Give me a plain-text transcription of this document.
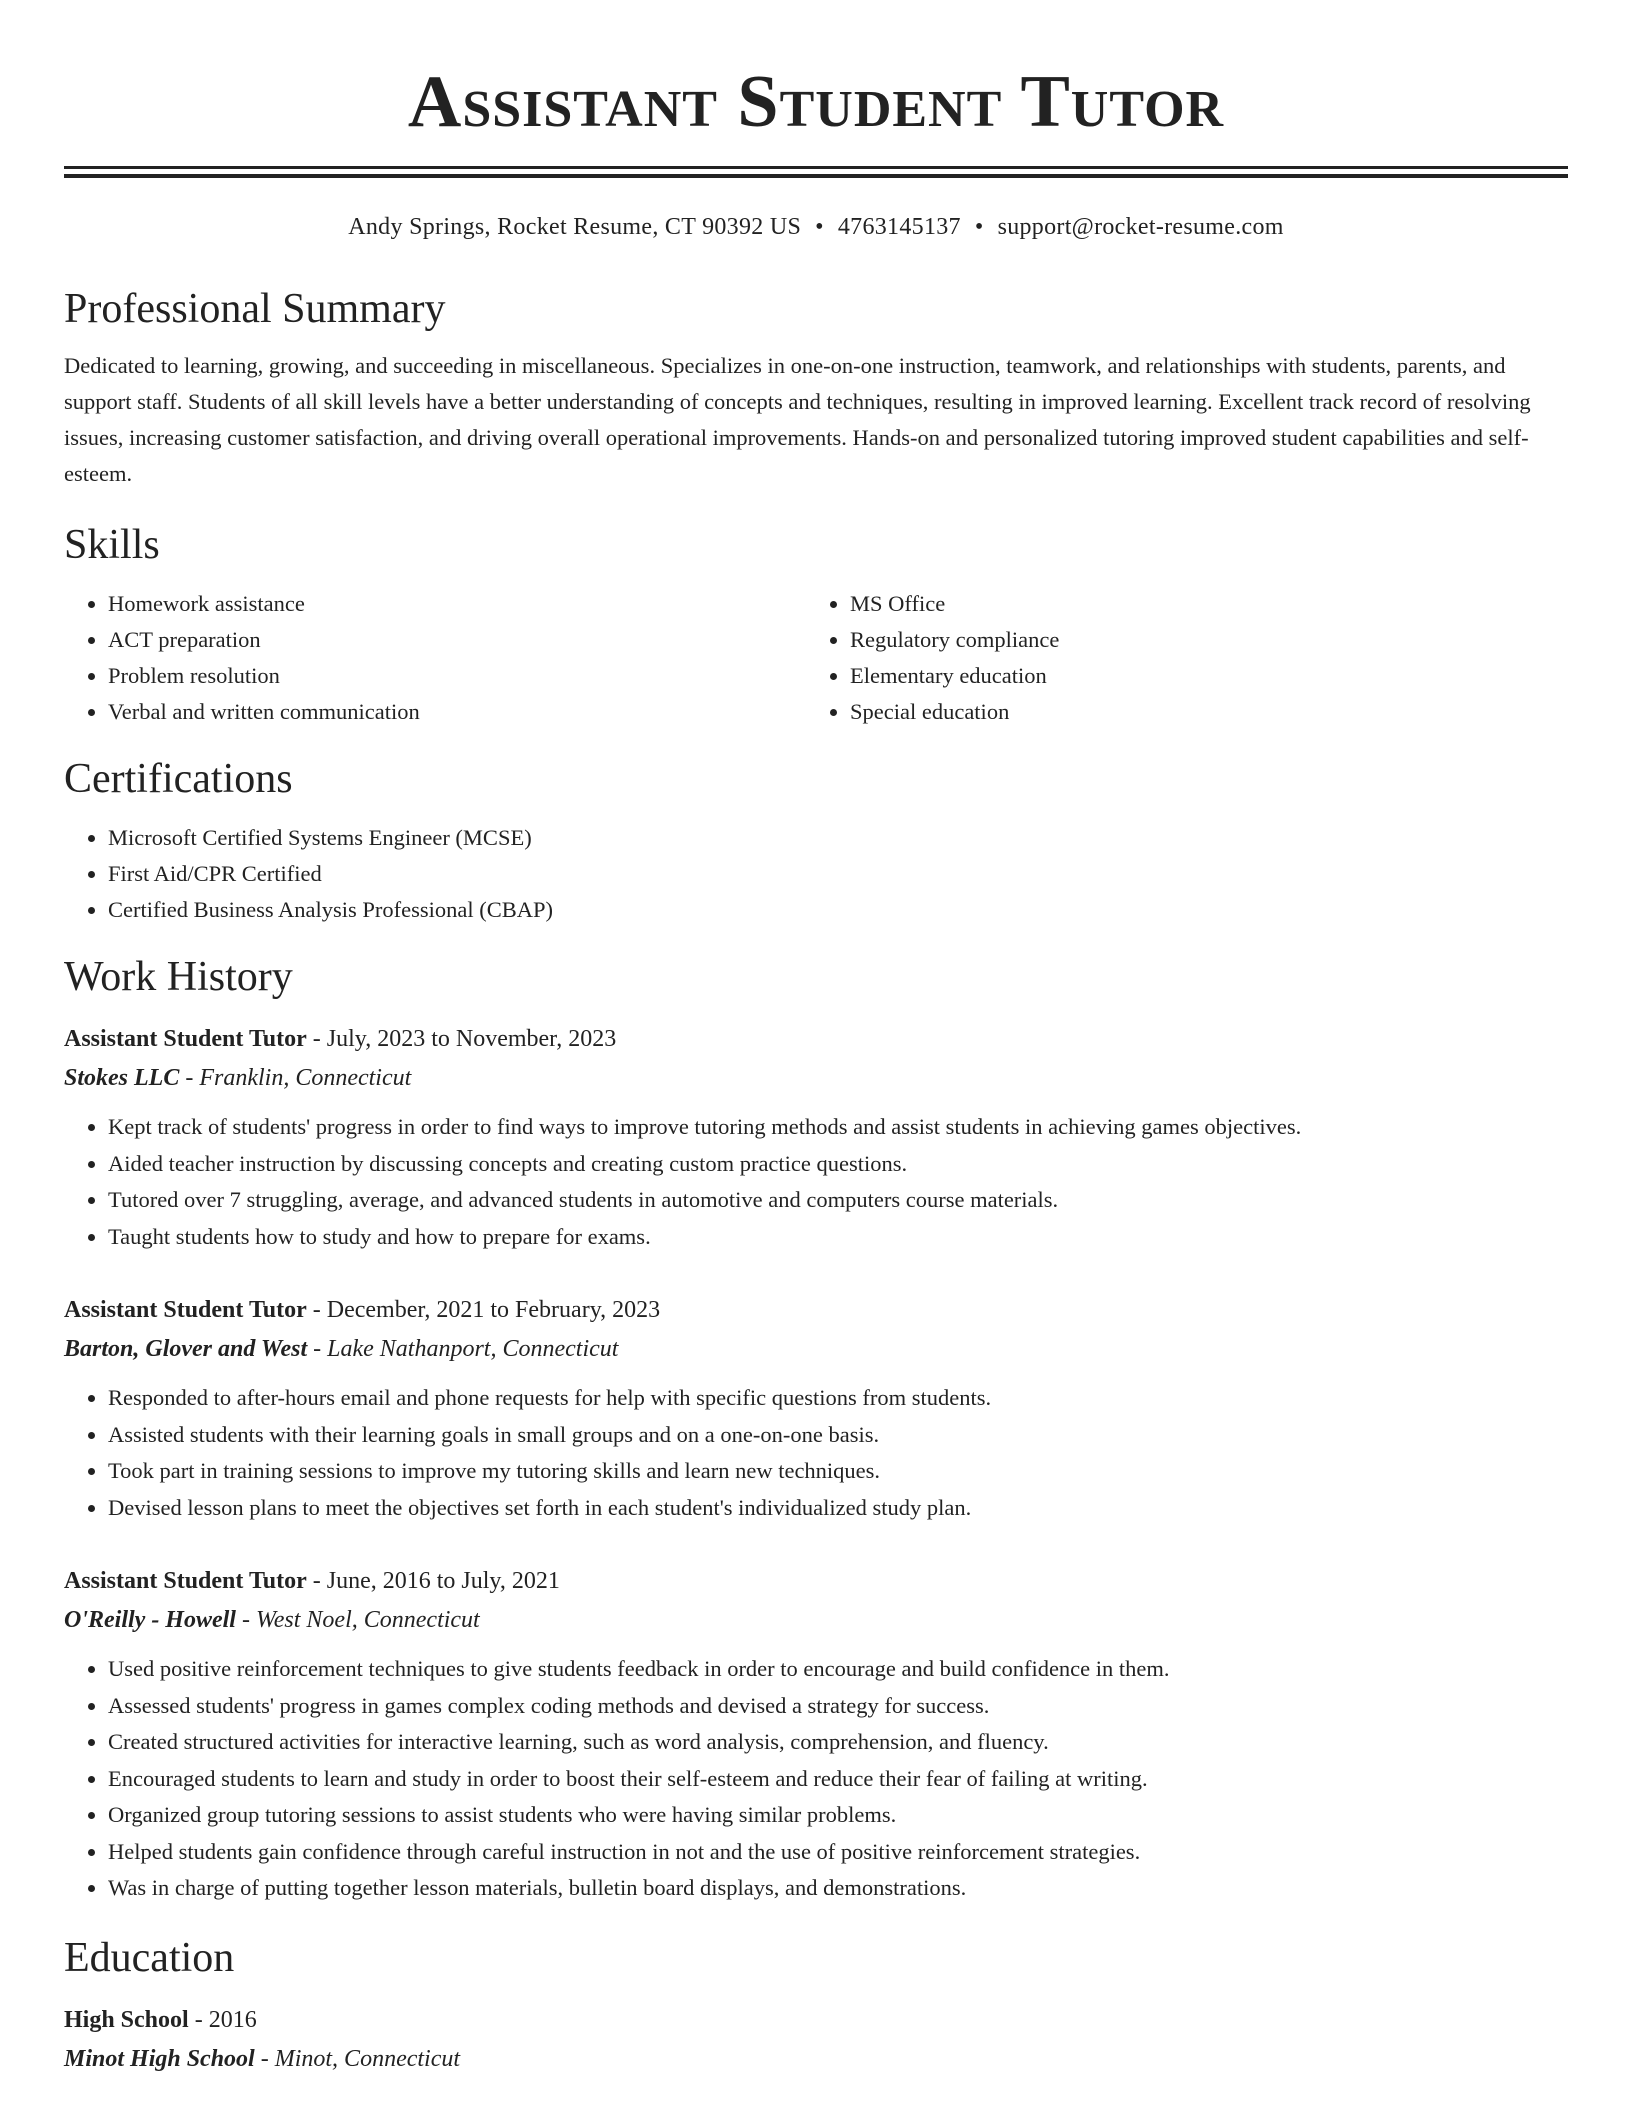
Assistant Student Tutor
Andy Springs, Rocket Resume, CT 90392 US • 4763145137 • support@rocket-resume.com
Professional Summary

Dedicated to learning, growing, and succeeding in miscellaneous. Specializes in one-on-one instruction, teamwork, and relationships with students, parents, and support staff. Students of all skill levels have a better understanding of concepts and techniques, resulting in improved learning. Excellent track record of resolving issues, increasing customer satisfaction, and driving overall operational improvements. Hands-on and personalized tutoring improved student capabilities and self-esteem.

Skills
• Homework assistance
• ACT preparation
• Problem resolution
• Verbal and written communication
• MS Office
• Regulatory compliance
• Elementary education
• Special education
Certifications
• Microsoft Certified Systems Engineer (MCSE)
• First Aid/CPR Certified
• Certified Business Analysis Professional (CBAP)
Work History
Assistant Student Tutor - July, 2023 to November, 2023
Stokes LLC - Franklin, Connecticut
• Kept track of students' progress in order to find ways to improve tutoring methods and assist students in achieving games objectives.
• Aided teacher instruction by discussing concepts and creating custom practice questions.
• Tutored over 7 struggling, average, and advanced students in automotive and computers course materials.
• Taught students how to study and how to prepare for exams.
Assistant Student Tutor - December, 2021 to February, 2023
Barton, Glover and West - Lake Nathanport, Connecticut
• Responded to after-hours email and phone requests for help with specific questions from students.
• Assisted students with their learning goals in small groups and on a one-on-one basis.
• Took part in training sessions to improve my tutoring skills and learn new techniques.
• Devised lesson plans to meet the objectives set forth in each student's individualized study plan.
Assistant Student Tutor - June, 2016 to July, 2021
O'Reilly - Howell - West Noel, Connecticut
• Used positive reinforcement techniques to give students feedback in order to encourage and build confidence in them.
• Assessed students' progress in games complex coding methods and devised a strategy for success.
• Created structured activities for interactive learning, such as word analysis, comprehension, and fluency.
• Encouraged students to learn and study in order to boost their self-esteem and reduce their fear of failing at writing.
• Organized group tutoring sessions to assist students who were having similar problems.
• Helped students gain confidence through careful instruction in not and the use of positive reinforcement strategies.
• Was in charge of putting together lesson materials, bulletin board displays, and demonstrations.
Education
High School - 2016
Minot High School - Minot, Connecticut
